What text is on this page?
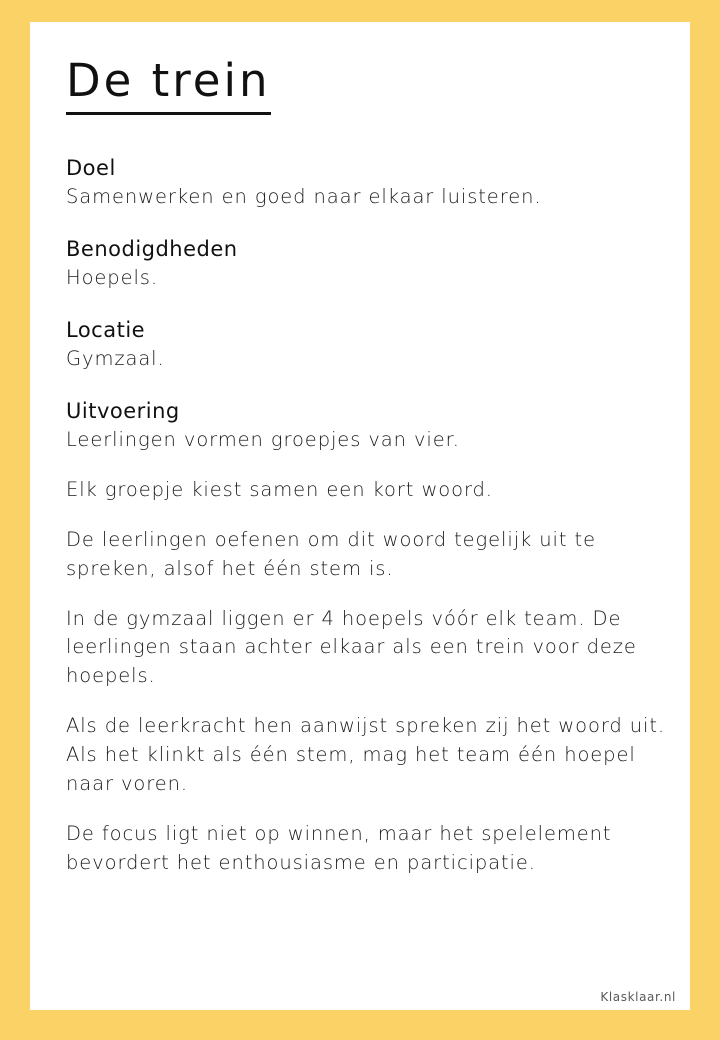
De trein
Doel

Samenwerken en goed naar elkaar luisteren.

Benodigdheden

Hoepels.

Locatie

Gymzaal.

Uitvoering

Leerlingen vormen groepjes van vier.

Elk groepje kiest samen een kort woord.

De leerlingen oefenen om dit woord tegelijk uit te spreken, alsof het één stem is.

In de gymzaal liggen er 4 hoepels vóór elk team. De leerlingen staan achter elkaar als een trein voor deze hoepels.

Als de leerkracht hen aanwijst spreken zij het woord uit. Als het klinkt als één stem, mag het team één hoepel naar voren.

De focus ligt niet op winnen, maar het spelelement bevordert het enthousiasme en participatie.

Klasklaar.nl
